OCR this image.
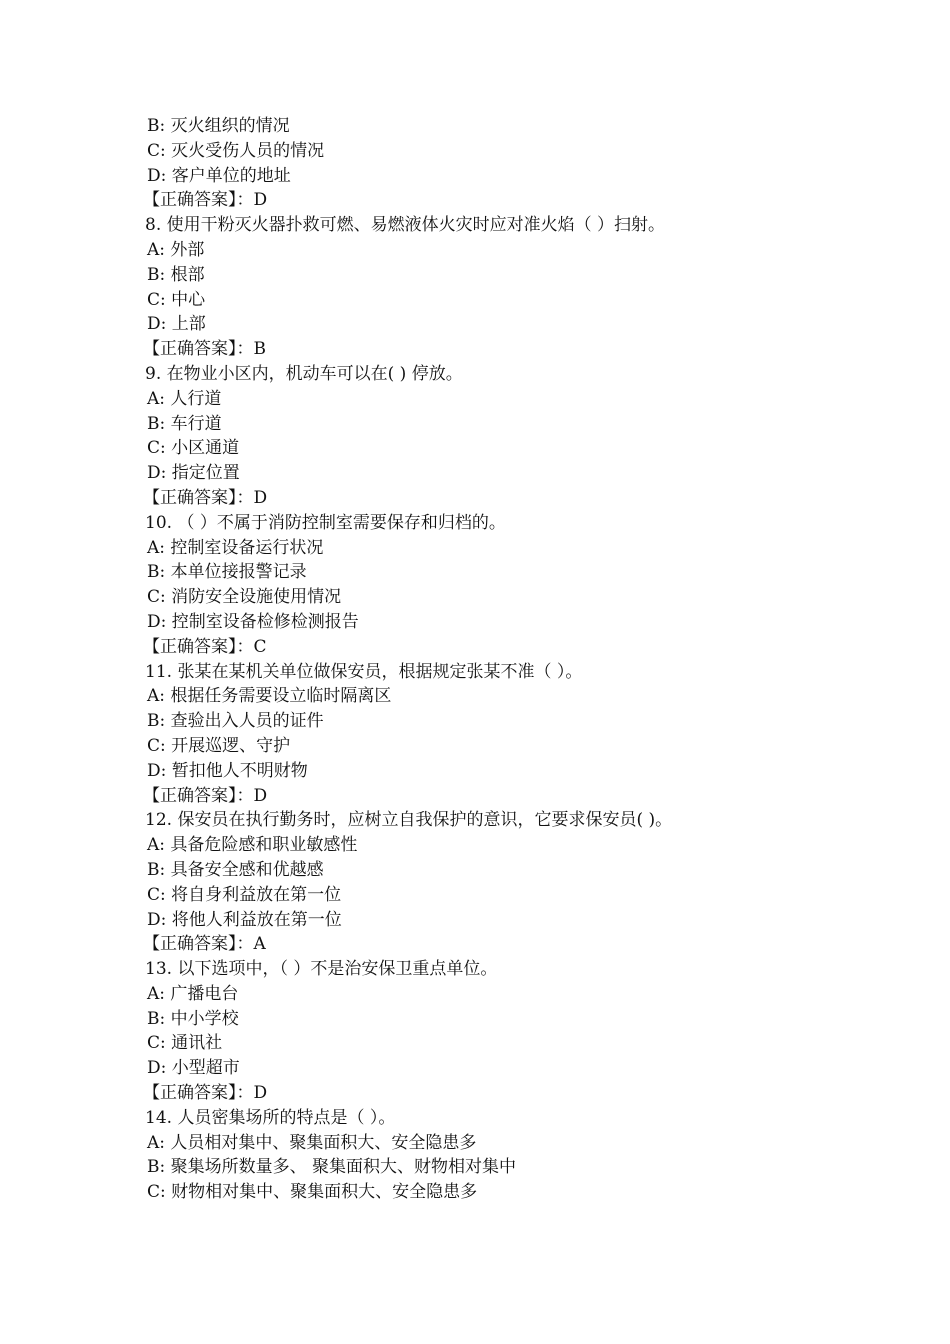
B: 灭火组织的情况
C: 灭火受伤人员的情况
D: 客户单位的地址
【正确答案】：D
8. 使用干粉灭火器扑救可燃、易燃液体火灾时应对准火焰（ ）扫射。
A: 外部
B: 根部
C: 中心
D: 上部
【正确答案】：B
9. 在物业小区内，机动车可以在( ) 停放。
A: 人行道
B: 车行道
C: 小区通道
D: 指定位置
【正确答案】：D
10. （ ）不属于消防控制室需要保存和归档的。
A: 控制室设备运行状况
B: 本单位接报警记录
C: 消防安全设施使用情况
D: 控制室设备检修检测报告
【正确答案】：C
11. 张某在某机关单位做保安员，根据规定张某不准（ ）。
A: 根据任务需要设立临时隔离区
B: 查验出入人员的证件
C: 开展巡逻、守护
D: 暂扣他人不明财物
【正确答案】：D
12. 保安员在执行勤务时，应树立自我保护的意识，它要求保安员( )。
A: 具备危险感和职业敏感性
B: 具备安全感和优越感
C: 将自身利益放在第一位
D: 将他人利益放在第一位
【正确答案】：A
13. 以下选项中，（ ）不是治安保卫重点单位。
A: 广播电台
B: 中小学校
C: 通讯社
D: 小型超市
【正确答案】：D
14. 人员密集场所的特点是（ ）。
A: 人员相对集中、聚集面积大、安全隐患多
B: 聚集场所数量多、 聚集面积大、财物相对集中
C: 财物相对集中、聚集面积大、安全隐患多
